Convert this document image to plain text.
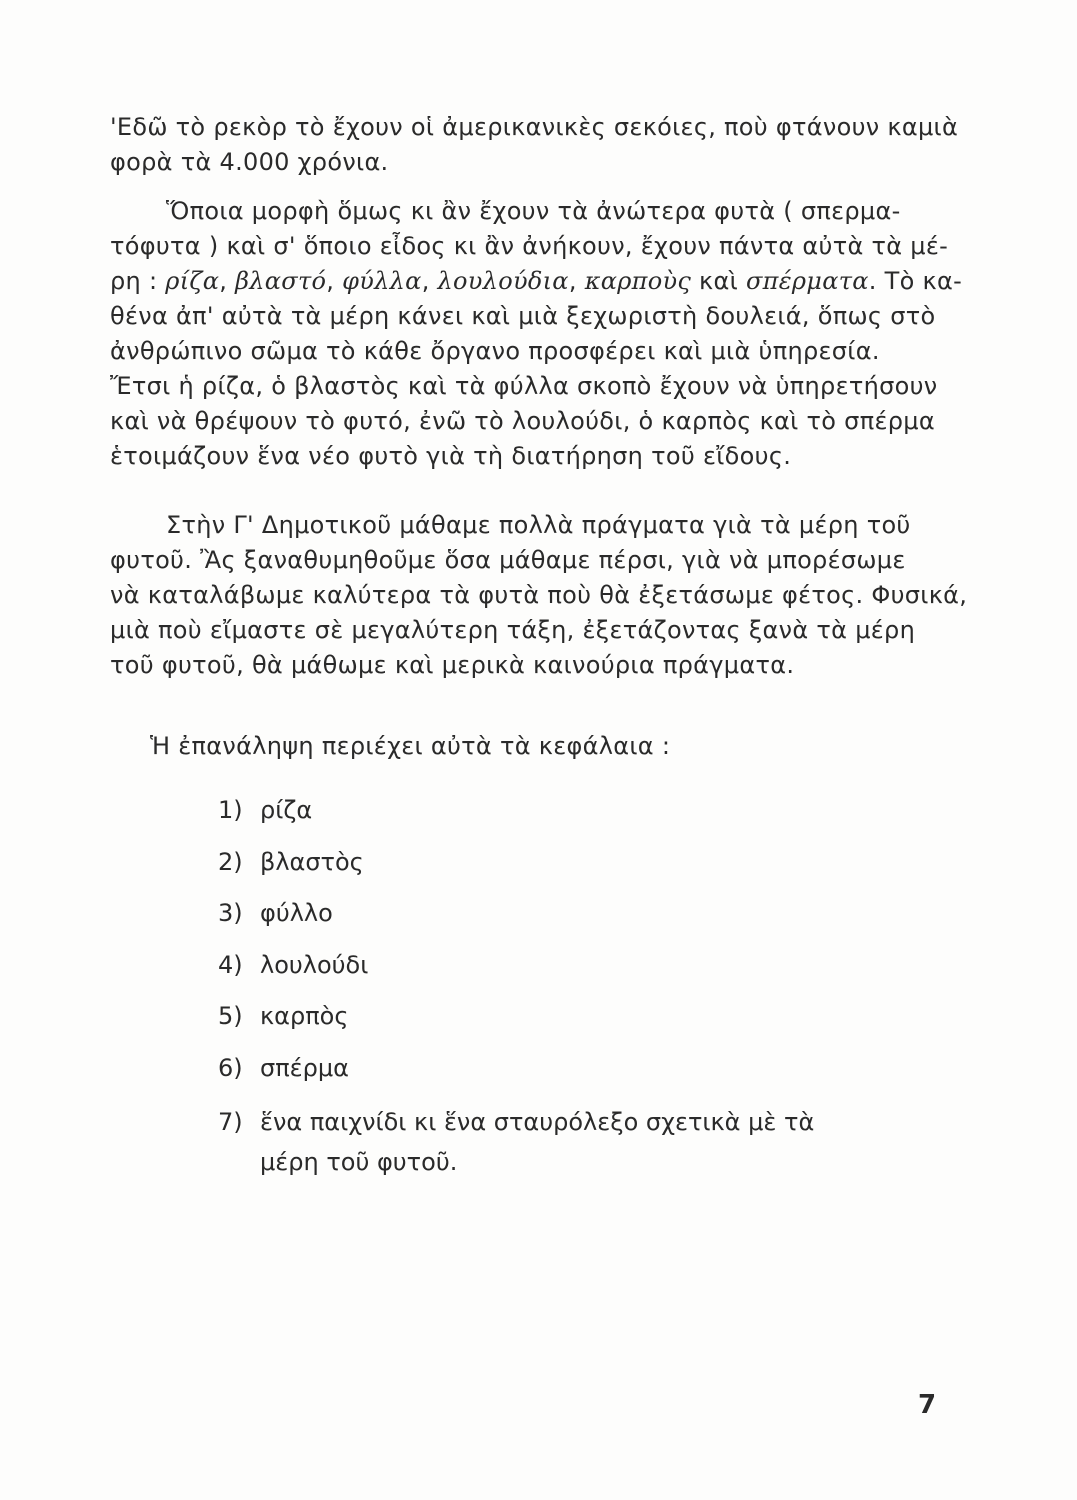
'Εδῶ τὸ ρεκὸρ τὸ ἔχουν οἱ ἀμερικανικὲς σεκόιες, ποὺ φτάνουν καμιὰ
φορὰ τὰ 4.000 χρόνια.
Ὅποια μορφὴ ὅμως κι ἂν ἔχουν τὰ ἀνώτερα φυτὰ ( σπερμα-
τόφυτα ) καὶ σ' ὅποιο εἶδος κι ἂν ἀνήκουν, ἔχουν πάντα αὐτὰ τὰ μέ-
ρη : ρίζα, βλαστό, φύλλα, λουλούδια, καρποὺς καὶ σπέρματα. Τὸ κα-
θένα ἀπ' αὐτὰ τὰ μέρη κάνει καὶ μιὰ ξεχωριστὴ δουλειά, ὅπως στὸ
ἀνθρώπινο σῶμα τὸ κάθε ὄργανο προσφέρει καὶ μιὰ ὑπηρεσία.
Ἔτσι ἡ ρίζα, ὁ βλαστὸς καὶ τὰ φύλλα σκοπὸ ἔχουν νὰ ὑπηρετήσουν
καὶ νὰ θρέψουν τὸ φυτό, ἐνῶ τὸ λουλούδι, ὁ καρπὸς καὶ τὸ σπέρμα
ἑτοιμάζουν ἕνα νέο φυτὸ γιὰ τὴ διατήρηση τοῦ εἴδους.
Στὴν Γ' Δημοτικοῦ μάθαμε πολλὰ πράγματα γιὰ τὰ μέρη τοῦ
φυτοῦ. Ἂς ξαναθυμηθοῦμε ὅσα μάθαμε πέρσι, γιὰ νὰ μπορέσωμε
νὰ καταλάβωμε καλύτερα τὰ φυτὰ ποὺ θὰ ἐξετάσωμε φέτος. Φυσικά,
μιὰ ποὺ εἴμαστε σὲ μεγαλύτερη τάξη, ἐξετάζοντας ξανὰ τὰ μέρη
τοῦ φυτοῦ, θὰ μάθωμε καὶ μερικὰ καινούρια πράγματα.
Ἡ ἐπανάληψη περιέχει αὐτὰ τὰ κεφάλαια :
1) ρίζα
2) βλαστὸς
3) φύλλο
4) λουλούδι
5) καρπὸς
6) σπέρμα
7) ἕνα παιχνίδι κι ἕνα σταυρόλεξο σχετικὰ μὲ τὰ
μέρη τοῦ φυτοῦ.
7
